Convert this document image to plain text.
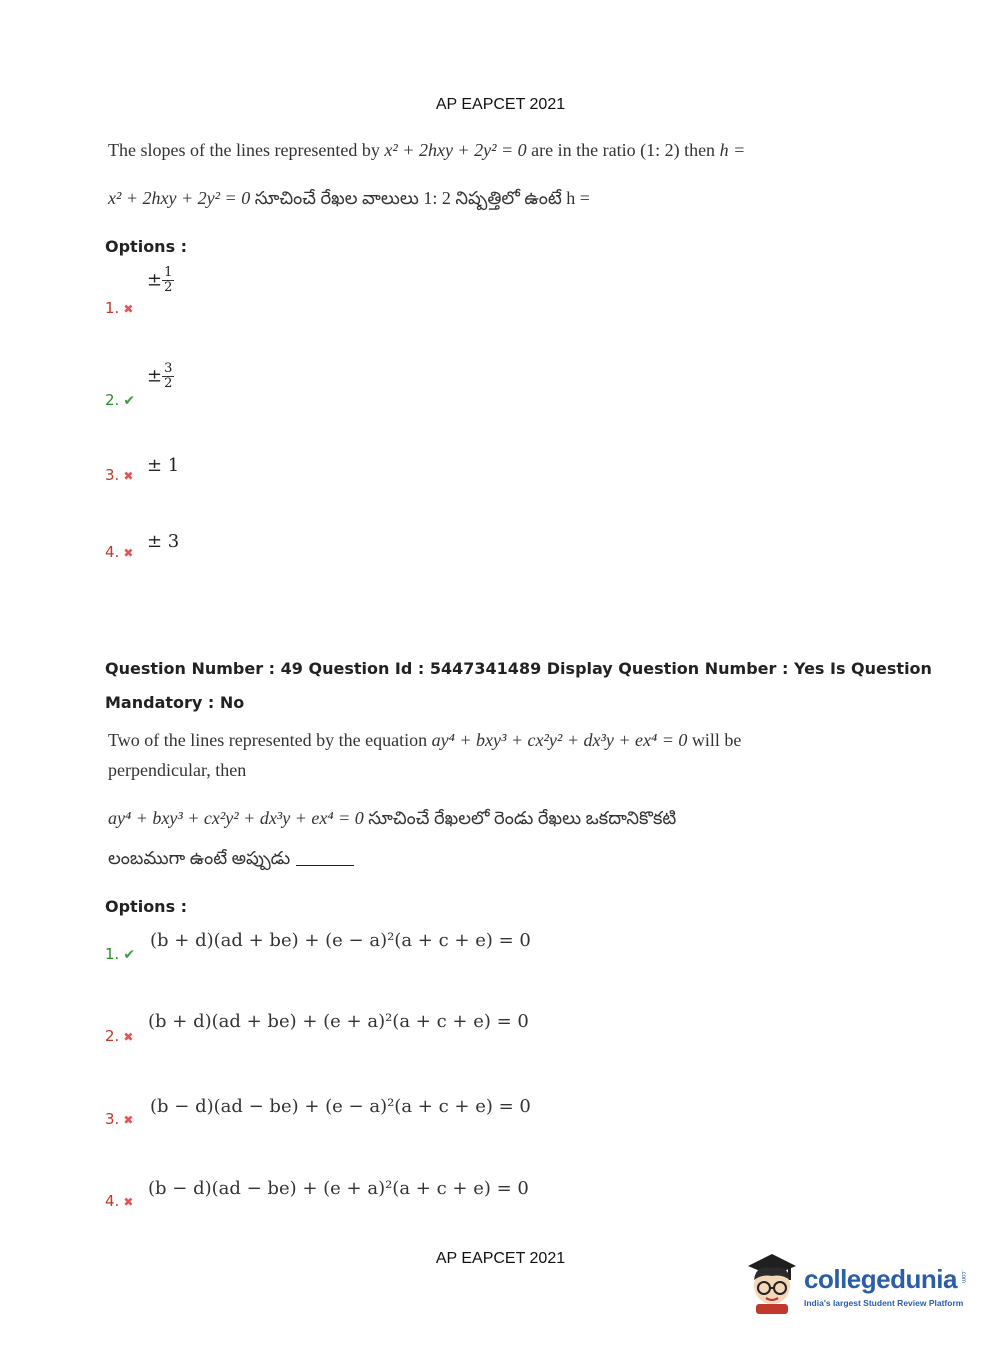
AP EAPCET 2021
The slopes of the lines represented by x² + 2hxy + 2y² = 0 are in the ratio (1: 2) then h =
x² + 2hxy + 2y² = 0 సూచించే రేఖల వాలులు 1: 2 నిష్పత్తిలో ఉంటే h =
Options :
1. ✖
± $\frac{1}{2}$
2. ✔
± $\frac{3}{2}$
3. ✖ ± 1
4. ✖
± 3
Question Number : 49 Question Id : 5447341489 Display Question Number : Yes Is Question
Mandatory : No
Two of the lines represented by the equation ay⁴ + bxy³ + cx²y² + dx³y + ex⁴ = 0 will be
perpendicular, then
ay⁴ + bxy³ + cx²y² + dx³y + ex⁴ = 0 సూచించే రేఖలలో రెండు రేఖలు ఒకదానికొకటి
లంబముగా ఉంటే అప్పుడు
Options :
1. ✔
(b + d)(ad + be) + (e − a)²(a + c + e) = 0
2. ✖
(b + d)(ad + be) + (e + a)²(a + c + e) = 0
3. ✖
(b − d)(ad − be) + (e − a)²(a + c + e) = 0
4. ✖
(b − d)(ad − be) + (e + a)²(a + c + e) = 0
AP EAPCET 2021
collegedunia .com
India's largest Student Review Platform
